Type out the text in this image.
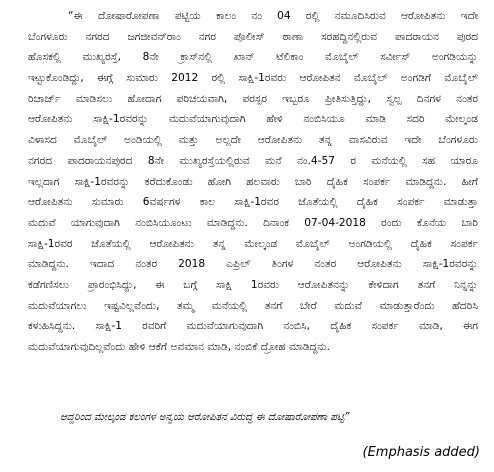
“ಈ ದೋಷಾರೋಪಣಾ ಪಟ್ಟಿಯ ಕಾಲಂ ನಂ 04 ರಲ್ಲಿ ನಮೂದಿಸಿರುವ ಆರೋಪಿತನು ಇದೇ
ಬೆಂಗಳೂರು ನಗರದ ಜಗಜೀವನ್‌ರಾಂ ನಗರ ಪೊಲೀಸ್ ಠಾಣಾ ಸರಹದ್ದಿನಲ್ಲಿರುವ ಪಾದರಾಯನ ಪುರದ
ಹೊಸಕಲ್ಲಿ ಮುಖ್ಯರಸ್ತೆ, 8ನೇ ಕ್ರಾಸ್‌ನಲ್ಲಿ ಖಾನ್ ಟೆಲಿಕಾಂ ಮೊಬೈಲ್ ಸರ್ವೀಸ್ ಅಂಗಡಿಯನ್ನು
ಇಟ್ಟುಕೊಂಡಿದ್ದು, ಈಗ್ಗೆ ಸುಮಾರು 2012 ರಲ್ಲಿ ಸಾಕ್ಷಿ-1ರವರು ಆರೋಪಿತನ ಮೊಬೈಲ್ ಅಂಗಡಿಗೆ ಮೊಬೈಲ್
ರಿಚಾರ್ಜ್ ಮಾಡಿಸಲು ಹೋದಾಗ ಪರಿಚಯವಾಗಿ, ಪರಸ್ಪರ ಇಬ್ಬರೂ ಪ್ರೀತಿಸುತ್ತಿದ್ದು, ಸ್ವಲ್ಪ ದಿನಗಳ ನಂತರ
ಆರೋಪಿತನು ಸಾಕ್ಷಿ-1ರವರನ್ನು ಮದುವೆಯಾಗುವುದಾಗಿ ಹೇಳಿ ನಂಬಿಸಿಯೂ ಮಾಡಿ ಸದರಿ ಮೇಲ್ಕಂಡ
ವಿಳಾಸದ ಮೊಬೈಲ್ ಅಂಡಿಯಲ್ಲಿ ಮತ್ತು ಅಲ್ಲದೇ ಆರೋಪಿತನು ತನ್ನ ವಾಸವಿರುವ ಇದೇ ಬೆಂಗಳೂರು
ನಗರದ ಪಾದರಾಯನಪುರದ 8ನೇ ಮುಖ್ಯರಸ್ತೆಯಲ್ಲಿರುವ ಮನೆ ನಂ.4-57 ರ ಮನೆಯಲ್ಲಿ ಸಹ ಯಾರೂ
ಇಲ್ಲದಾಗ ಸಾಕ್ಷಿ-1ರವರನ್ನು ಕರೆದುಕೊಂಡು ಹೋಗಿ ಹಲವಾರು ಬಾರಿ ದೈಹಿಕ ಸಂಪರ್ಕ ಮಾಡಿದ್ದನು. ಹೀಗೆ
ಆರೋಪಿತನು ಸುಮಾರು 6ವರ್ಷಗಳ ಕಾಲ ಸಾಕ್ಷಿ-1ರವರ ಜೊತೆಯಲ್ಲಿ ದೈಹಿಕ ಸಂಪರ್ಕ ಮಾಡುತ್ತಾ
ಮದುವೆ ಯಾಗುವುದಾಗಿ ನಂಬಿಸಿಯೂಂಟು ಮಾಡಿದ್ದನು. ದಿನಾಂಕ 07-04-2018 ರಂದು ಕೊನೆಯ ಬಾರಿ
ಸಾಕ್ಷಿ-1ರವರ ಜೊತೆಯಲ್ಲಿ ಆರೋಪಿತನು ತನ್ನ ಮೇಲ್ಕಂಡ ಮೊಬೈಲ್ ಅಂಗಡಿಯಲ್ಲಿ ದೈಹಿಕ ಸಂಪರ್ಕ
ಮಾಡಿದ್ದನು. ಇದಾದ ನಂತರ 2018 ಎಪ್ರಿಲ್ ತಿಂಗಳ ನಂತರ ಆರೋಪಿತನು ಸಾಕ್ಷಿ-1ರವರನ್ನು
ಕಡೆಗಣಿಸಲು ಪ್ರಾರಂಭಿಸಿದ್ದು, ಈ ಬಗ್ಗೆ ಸಾಕ್ಷಿ 1ರವರು ಆರೋಪಿತನನ್ನು ಕೇಳಿದಾಗ ತನಗೆ ನಿನ್ನನ್ನು
ಮದುವೆಯಾಗಲು ಇಷ್ಟವಿಲ್ಲವೆಂದು, ತಮ್ಮ ಮನೆಯಲ್ಲಿ ತನಗೆ ಬೇರೆ ಮದುವೆ ಮಾಡುತ್ತಾರೆಂದು ಹೆದರಿಸಿ
ಕಳುಹಿಸಿದ್ದನು. ಸಾಕ್ಷಿ-1 ರವರಿಗೆ ಮದುವೆಯಾಗುವುದಾಗಿ ನಂಬಿಸಿ, ದೈಹಿಕ ಸಂಪರ್ಕ ಮಾಡಿ, ಈಗ
ಮದುವೆಯಾಗುವುದಿಲ್ಲವೆಂದು ಹೇಳಿ ಆಕೆಗೆ ಅವಮಾನ ಮಾಡಿ, ನಂಬಿಕೆ ದ್ರೋಹ ಮಾಡಿದ್ದನು.

ಆದ್ದರಿಂದ ಮೇಲ್ಕಂಡ ಕಲಂಗಳ ಅನ್ವಯ ಆರೋಪಿತನ ವಿರುದ್ಧ ಈ ದೋಷಾರೋಪಣಾ ಪಟ್ಟಿ”

(Emphasis added)
